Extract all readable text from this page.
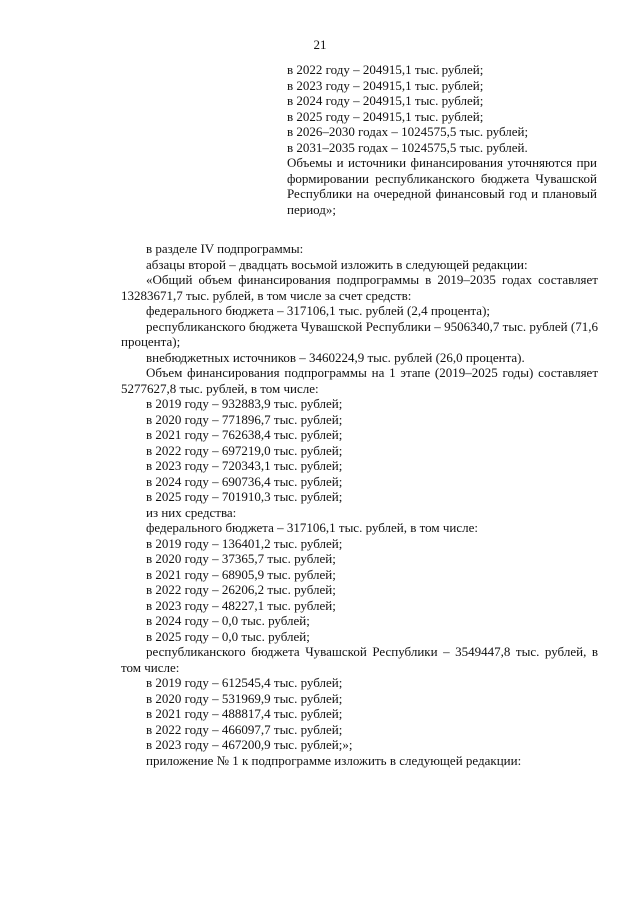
21
в 2022 году – 204915,1 тыс. рублей;
в 2023 году – 204915,1 тыс. рублей;
в 2024 году – 204915,1 тыс. рублей;
в 2025 году – 204915,1 тыс. рублей;
в 2026–2030 годах – 1024575,5 тыс. рублей;
в 2031–2035 годах – 1024575,5 тыс. рублей.
Объемы и источники финансирования уточняются при формировании республиканского бюджета Чувашской Республики на очередной финансовый год и плановый период»;
в разделе IV подпрограммы:
абзацы второй – двадцать восьмой изложить в следующей редакции:
«Общий объем финансирования подпрограммы в 2019–2035 годах составляет 13283671,7 тыс. рублей, в том числе за счет средств:
федерального бюджета – 317106,1 тыс. рублей (2,4 процента);
республиканского бюджета Чувашской Республики – 9506340,7 тыс. рублей (71,6 процента);
внебюджетных источников – 3460224,9 тыс. рублей (26,0 процента).
Объем финансирования подпрограммы на 1 этапе (2019–2025 годы) составляет 5277627,8 тыс. рублей, в том числе:
в 2019 году – 932883,9 тыс. рублей;
в 2020 году – 771896,7 тыс. рублей;
в 2021 году – 762638,4 тыс. рублей;
в 2022 году – 697219,0 тыс. рублей;
в 2023 году – 720343,1 тыс. рублей;
в 2024 году – 690736,4 тыс. рублей;
в 2025 году – 701910,3 тыс. рублей;
из них средства:
федерального бюджета – 317106,1 тыс. рублей, в том числе:
в 2019 году – 136401,2 тыс. рублей;
в 2020 году – 37365,7 тыс. рублей;
в 2021 году – 68905,9 тыс. рублей;
в 2022 году – 26206,2 тыс. рублей;
в 2023 году – 48227,1 тыс. рублей;
в 2024 году – 0,0 тыс. рублей;
в 2025 году – 0,0 тыс. рублей;
республиканского бюджета Чувашской Республики – 3549447,8 тыс. рублей, в том числе:
в 2019 году – 612545,4 тыс. рублей;
в 2020 году – 531969,9 тыс. рублей;
в 2021 году – 488817,4 тыс. рублей;
в 2022 году – 466097,7 тыс. рублей;
в 2023 году – 467200,9 тыс. рублей;»;
приложение № 1 к подпрограмме изложить в следующей редакции:
